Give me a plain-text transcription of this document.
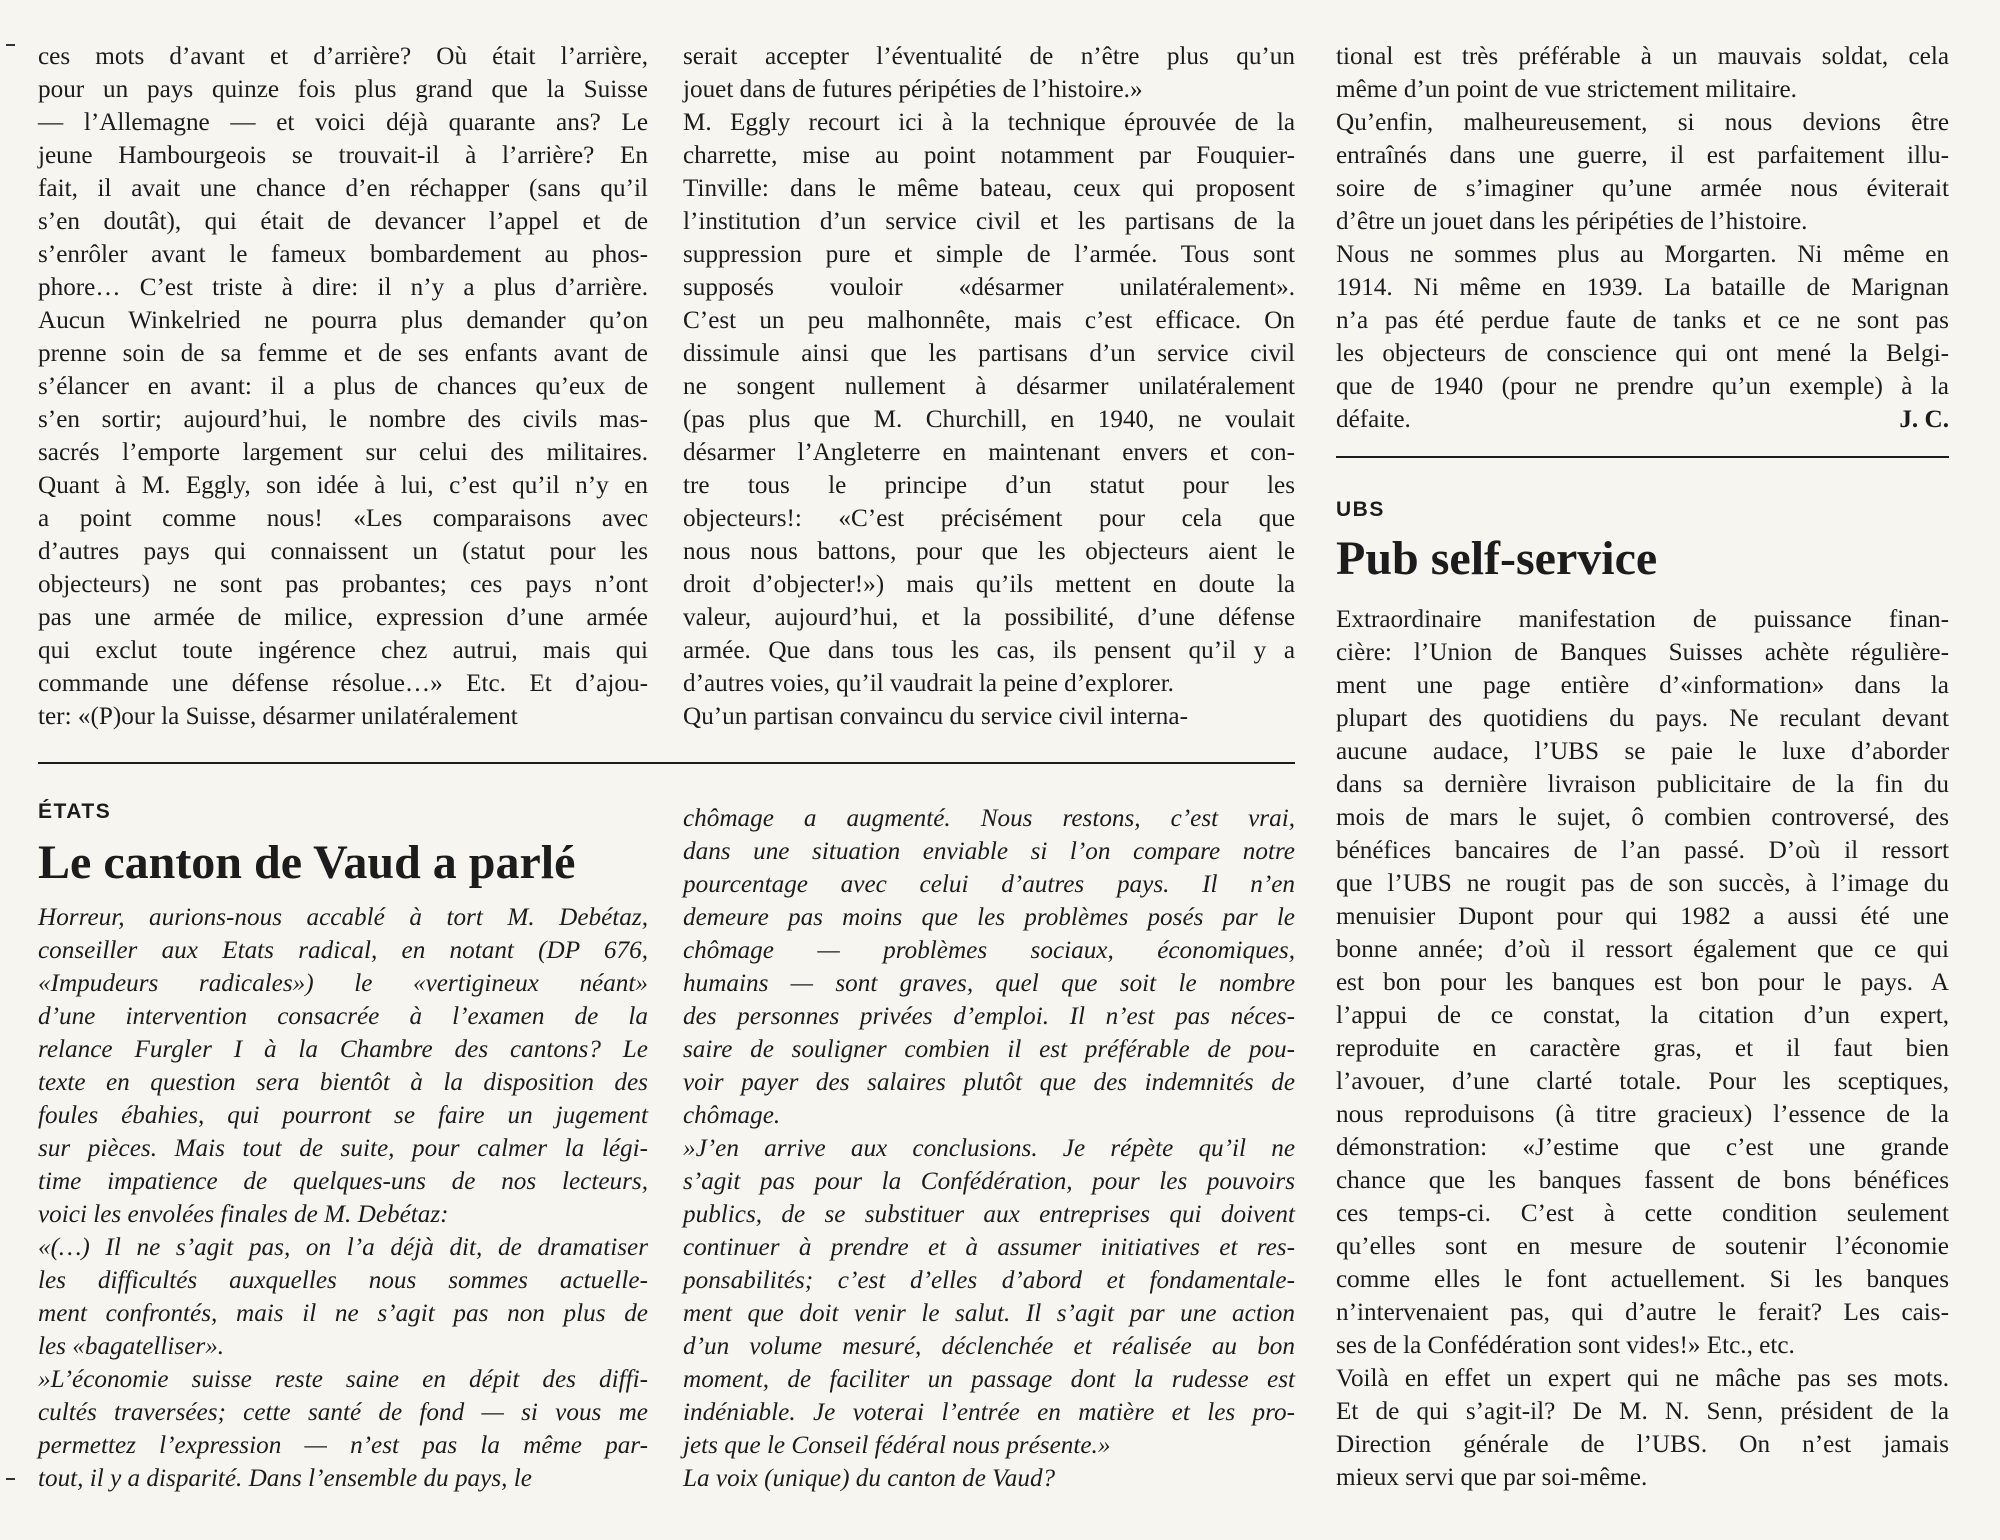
ces mots d’avant et d’arrière? Où était l’arrière,
pour un pays quinze fois plus grand que la Suisse
— l’Allemagne — et voici déjà quarante ans? Le
jeune Hambourgeois se trouvait-il à l’arrière? En
fait, il avait une chance d’en réchapper (sans qu’il
s’en doutât), qui était de devancer l’appel et de
s’enrôler avant le fameux bombardement au phos-
phore… C’est triste à dire: il n’y a plus d’arrière.
Aucun Winkelried ne pourra plus demander qu’on
prenne soin de sa femme et de ses enfants avant de
s’élancer en avant: il a plus de chances qu’eux de
s’en sortir; aujourd’hui, le nombre des civils mas-
sacrés l’emporte largement sur celui des militaires.
Quant à M. Eggly, son idée à lui, c’est qu’il n’y en
a point comme nous! «Les comparaisons avec
d’autres pays qui connaissent un (statut pour les
objecteurs) ne sont pas probantes; ces pays n’ont
pas une armée de milice, expression d’une armée
qui exclut toute ingérence chez autrui, mais qui
commande une défense résolue…» Etc. Et d’ajou-
ter: «(P)our la Suisse, désarmer unilatéralement
serait accepter l’éventualité de n’être plus qu’un
jouet dans de futures péripéties de l’histoire.»
M. Eggly recourt ici à la technique éprouvée de la
charrette, mise au point notamment par Fouquier-
Tinville: dans le même bateau, ceux qui proposent
l’institution d’un service civil et les partisans de la
suppression pure et simple de l’armée. Tous sont
supposés vouloir «désarmer unilatéralement».
C’est un peu malhonnête, mais c’est efficace. On
dissimule ainsi que les partisans d’un service civil
ne songent nullement à désarmer unilatéralement
(pas plus que M. Churchill, en 1940, ne voulait
désarmer l’Angleterre en maintenant envers et con-
tre tous le principe d’un statut pour les
objecteurs!: «C’est précisément pour cela que
nous nous battons, pour que les objecteurs aient le
droit d’objecter!») mais qu’ils mettent en doute la
valeur, aujourd’hui, et la possibilité, d’une défense
armée. Que dans tous les cas, ils pensent qu’il y a
d’autres voies, qu’il vaudrait la peine d’explorer.
Qu’un partisan convaincu du service civil interna-
tional est très préférable à un mauvais soldat, cela
même d’un point de vue strictement militaire.
Qu’enfin, malheureusement, si nous devions être
entraînés dans une guerre, il est parfaitement illu-
soire de s’imaginer qu’une armée nous éviterait
d’être un jouet dans les péripéties de l’histoire.
Nous ne sommes plus au Morgarten. Ni même en
1914. Ni même en 1939. La bataille de Marignan
n’a pas été perdue faute de tanks et ce ne sont pas
les objecteurs de conscience qui ont mené la Belgi-
que de 1940 (pour ne prendre qu’un exemple) à la
défaite.	J. C.
ÉTATS
Le canton de Vaud a parlé
Horreur, aurions-nous accablé à tort M. Debétaz,
conseiller aux Etats radical, en notant (DP 676,
«Impudeurs radicales») le «vertigineux néant»
d’une intervention consacrée à l’examen de la
relance Furgler I à la Chambre des cantons? Le
texte en question sera bientôt à la disposition des
foules ébahies, qui pourront se faire un jugement
sur pièces. Mais tout de suite, pour calmer la légi-
time impatience de quelques-uns de nos lecteurs,
voici les envolées finales de M. Debétaz:
«(…) Il ne s’agit pas, on l’a déjà dit, de dramatiser
les difficultés auxquelles nous sommes actuelle-
ment confrontés, mais il ne s’agit pas non plus de
les «bagatelliser».
»L’économie suisse reste saine en dépit des diffi-
cultés traversées; cette santé de fond — si vous me
permettez l’expression — n’est pas la même par-
tout, il y a disparité. Dans l’ensemble du pays, le
chômage a augmenté. Nous restons, c’est vrai,
dans une situation enviable si l’on compare notre
pourcentage avec celui d’autres pays. Il n’en
demeure pas moins que les problèmes posés par le
chômage — problèmes sociaux, économiques,
humains — sont graves, quel que soit le nombre
des personnes privées d’emploi. Il n’est pas néces-
saire de souligner combien il est préférable de pou-
voir payer des salaires plutôt que des indemnités de
chômage.
»J’en arrive aux conclusions. Je répète qu’il ne
s’agit pas pour la Confédération, pour les pouvoirs
publics, de se substituer aux entreprises qui doivent
continuer à prendre et à assumer initiatives et res-
ponsabilités; c’est d’elles d’abord et fondamentale-
ment que doit venir le salut. Il s’agit par une action
d’un volume mesuré, déclenchée et réalisée au bon
moment, de faciliter un passage dont la rudesse est
indéniable. Je voterai l’entrée en matière et les pro-
jets que le Conseil fédéral nous présente.»
La voix (unique) du canton de Vaud?
UBS
Pub self-service
Extraordinaire manifestation de puissance finan-
cière: l’Union de Banques Suisses achète régulière-
ment une page entière d’«information» dans la
plupart des quotidiens du pays. Ne reculant devant
aucune audace, l’UBS se paie le luxe d’aborder
dans sa dernière livraison publicitaire de la fin du
mois de mars le sujet, ô combien controversé, des
bénéfices bancaires de l’an passé. D’où il ressort
que l’UBS ne rougit pas de son succès, à l’image du
menuisier Dupont pour qui 1982 a aussi été une
bonne année; d’où il ressort également que ce qui
est bon pour les banques est bon pour le pays. A
l’appui de ce constat, la citation d’un expert,
reproduite en caractère gras, et il faut bien
l’avouer, d’une clarté totale. Pour les sceptiques,
nous reproduisons (à titre gracieux) l’essence de la
démonstration: «J’estime que c’est une grande
chance que les banques fassent de bons bénéfices
ces temps-ci. C’est à cette condition seulement
qu’elles sont en mesure de soutenir l’économie
comme elles le font actuellement. Si les banques
n’intervenaient pas, qui d’autre le ferait? Les cais-
ses de la Confédération sont vides!» Etc., etc.
Voilà en effet un expert qui ne mâche pas ses mots.
Et de qui s’agit-il? De M. N. Senn, président de la
Direction générale de l’UBS. On n’est jamais
mieux servi que par soi-même.
